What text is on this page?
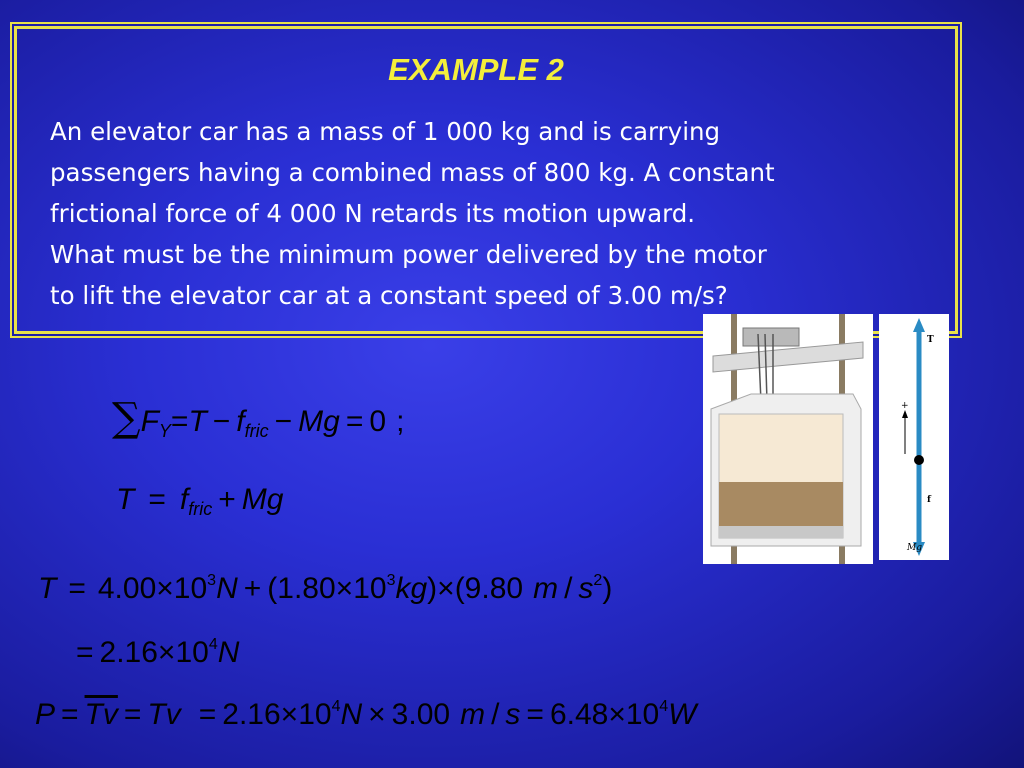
EXAMPLE 2
An elevator car has a mass of 1 000 kg and is carrying
passengers having a combined mass of 800 kg. A constant
frictional force of 4 000 N retards its motion upward.
What must be the minimum power delivered by the motor
to lift the elevator car at a constant speed of 3.00 m/s?
$\sum F_Y=T - f_{fric} - Mg = 0$ ;
$T = f_{fric} + Mg$
$T = 4.00\times 10^3N + (1.80\times 10^3kg)\times(9.80$ m / $s^2$)
= $2.16\times 10^4N$
$P = \overline{Tv} = Tv = 2.16\times 10^4N \times 3.00$ $m / s = 6.48\times 10^4W$
T
+
f
Mg
